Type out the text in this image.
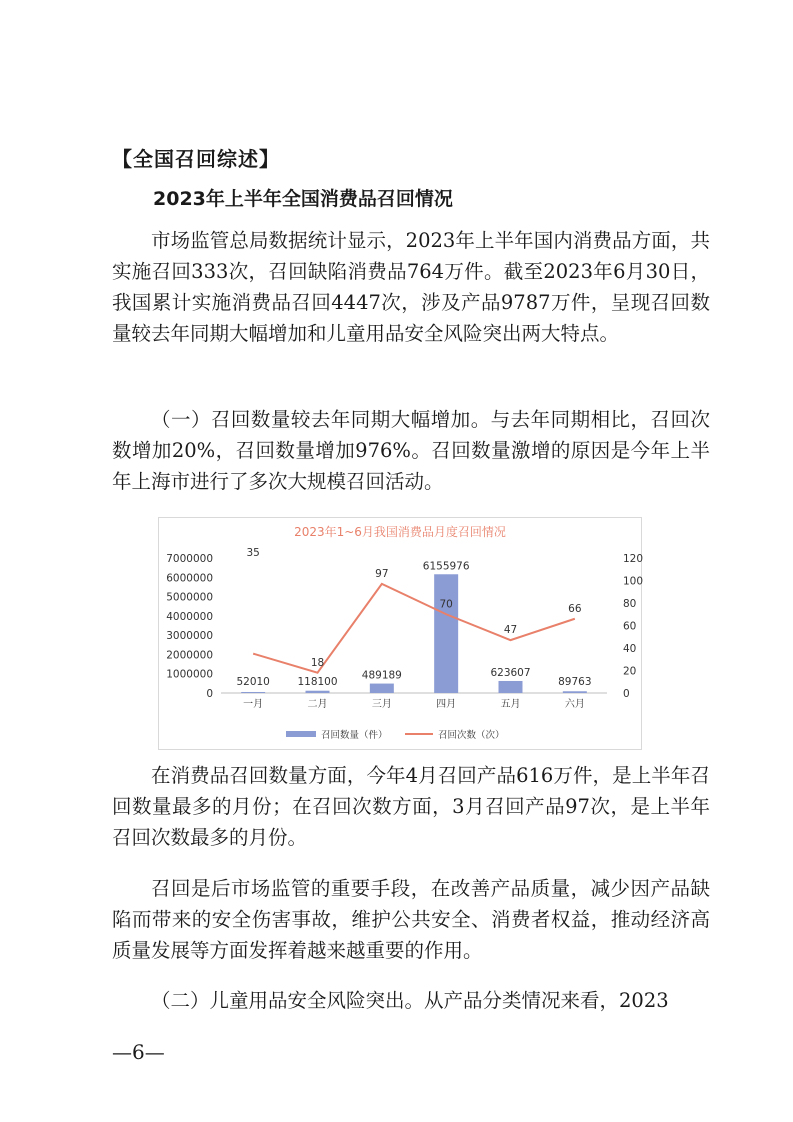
【全国召回综述】
2023年上半年全国消费品召回情况

市场监管总局数据统计显示，2023年上半年国内消费品方面，共实施召回333次，召回缺陷消费品764万件。截至2023年6月30日，我国累计实施消费品召回4447次，涉及产品9787万件，呈现召回数量较去年同期大幅增加和儿童用品安全风险突出两大特点。

（一）召回数量较去年同期大幅增加。与去年同期相比，召回次数增加20%，召回数量增加976%。召回数量激增的原因是今年上半年上海市进行了多次大规模召回活动。

2023年1~6月我国消费品月度召回情况
0
1000000
2000000
3000000
4000000
5000000
6000000
7000000
0
20
40
60
80
100
120
52010	118100
489189
6155976
623607
89763
35
18
97
70
47
66
一月	二月	三月	四月	五月	六月
召回数量（件）	召回次数（次）

在消费品召回数量方面，今年4月召回产品616万件，是上半年召回数量最多的月份；在召回次数方面，3月召回产品97次，是上半年召回次数最多的月份。

召回是后市场监管的重要手段，在改善产品质量，减少因产品缺陷而带来的安全伤害事故，维护公共安全、消费者权益，推动经济高质量发展等方面发挥着越来越重要的作用。

（二）儿童用品安全风险突出。从产品分类情况来看，2023

—6—
